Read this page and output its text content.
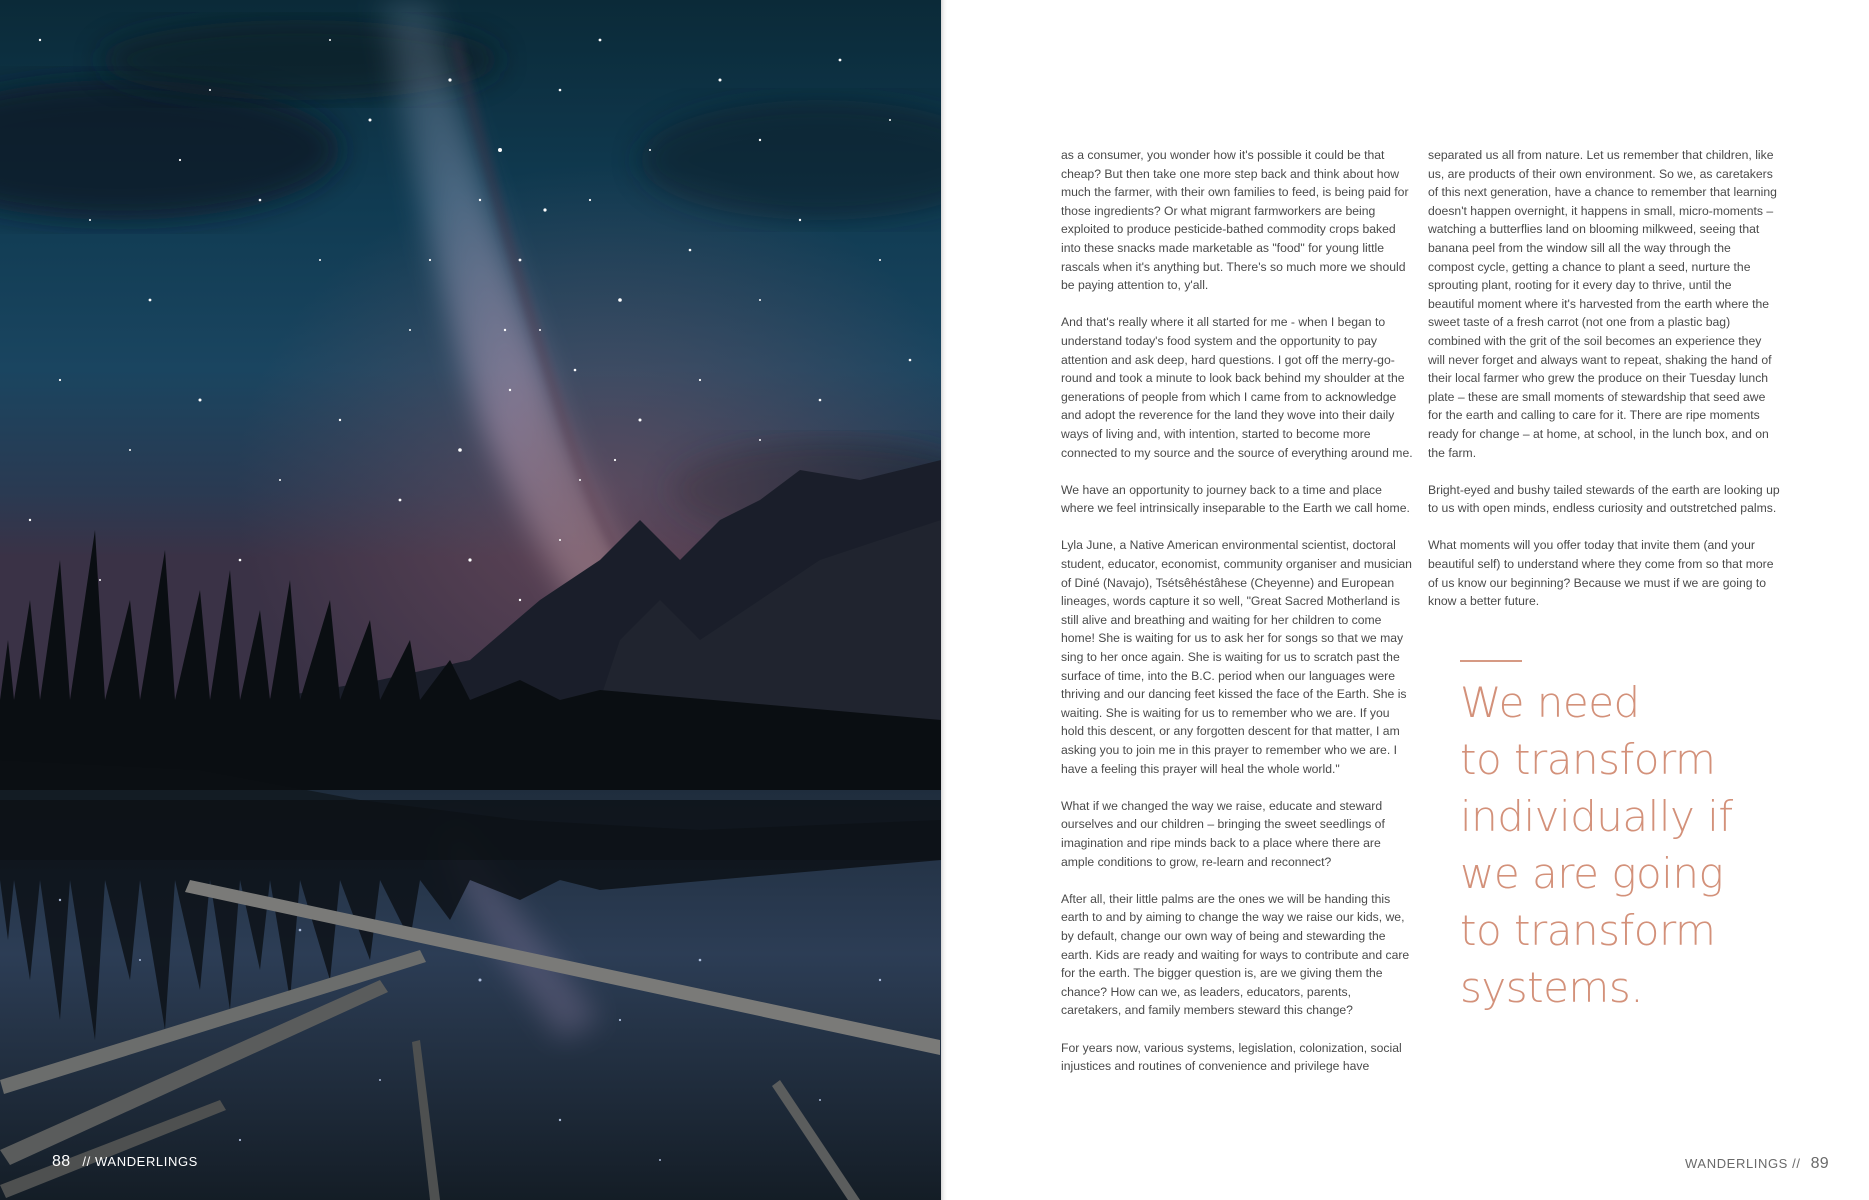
88 // WANDERLINGS

as a consumer, you wonder how it's possible it could be that cheap? But then take one more step back and think about how much the farmer, with their own families to feed, is being paid for those ingredients? Or what migrant farmworkers are being exploited to produce pesticide-bathed commodity crops baked into these snacks made marketable as "food" for young little rascals when it's anything but. There's so much more we should be paying attention to, y'all.

And that's really where it all started for me - when I began to understand today's food system and the opportunity to pay attention and ask deep, hard questions. I got off the merry-go-round and took a minute to look back behind my shoulder at the generations of people from which I came from to acknowledge and adopt the reverence for the land they wove into their daily ways of living and, with intention, started to become more connected to my source and the source of everything around me.

We have an opportunity to journey back to a time and place where we feel intrinsically inseparable to the Earth we call home.

Lyla June, a Native American environmental scientist, doctoral student, educator, economist, community organiser and musician of Diné (Navajo), Tsétsêhéstâhese (Cheyenne) and European lineages, words capture it so well, "Great Sacred Motherland is still alive and breathing and waiting for her children to come home! She is waiting for us to ask her for songs so that we may sing to her once again. She is waiting for us to scratch past the surface of time, into the B.C. period when our languages were thriving and our dancing feet kissed the face of the Earth. She is waiting. She is waiting for us to remember who we are. If you hold this descent, or any forgotten descent for that matter, I am asking you to join me in this prayer to remember who we are. I have a feeling this prayer will heal the whole world."

What if we changed the way we raise, educate and steward ourselves and our children – bringing the sweet seedlings of imagination and ripe minds back to a place where there are ample conditions to grow, re-learn and reconnect?

After all, their little palms are the ones we will be handing this earth to and by aiming to change the way we raise our kids, we, by default, change our own way of being and stewarding the earth. Kids are ready and waiting for ways to contribute and care for the earth. The bigger question is, are we giving them the chance? How can we, as leaders, educators, parents, caretakers, and family members steward this change?

For years now, various systems, legislation, colonization, social injustices and routines of convenience and privilege have

separated us all from nature. Let us remember that children, like us, are products of their own environment. So we, as caretakers of this next generation, have a chance to remember that learning doesn't happen overnight, it happens in small, micro-moments – watching a butterflies land on blooming milkweed, seeing that banana peel from the window sill all the way through the compost cycle, getting a chance to plant a seed, nurture the sprouting plant, rooting for it every day to thrive, until the beautiful moment where it's harvested from the earth where the sweet taste of a fresh carrot (not one from a plastic bag) combined with the grit of the soil becomes an experience they will never forget and always want to repeat, shaking the hand of their local farmer who grew the produce on their Tuesday lunch plate – these are small moments of stewardship that seed awe for the earth and calling to care for it. There are ripe moments ready for change – at home, at school, in the lunch box, and on the farm.

Bright-eyed and bushy tailed stewards of the earth are looking up to us with open minds, endless curiosity and outstretched palms.

What moments will you offer today that invite them (and your beautiful self) to understand where they come from so that more of us know our beginning? Because we must if we are going to know a better future.

We need
to transform
individually if
we are going
to transform
systems.
WANDERLINGS // 89
